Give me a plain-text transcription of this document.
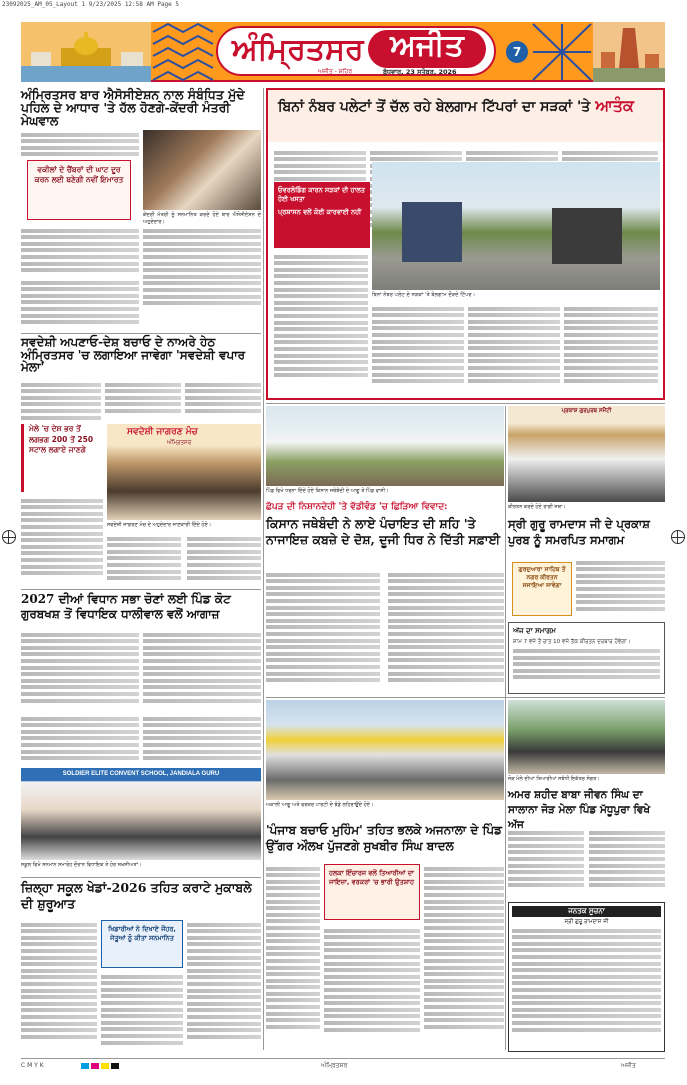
23092025_AM_05_Layout 1 9/23/2025 12:58 AM Page 5
ਅੰਮ੍ਰਿਤਸਰ ਅਜੀਤ
ਅਜੀਤ - ਸ਼ਹਿਰ	ਬੁੱਧਵਾਰ, 23 ਸਤੰਬਰ, 2026
7
ਅੰਮ੍ਰਿਤਸਰ ਬਾਰ ਐਸੋਸੀਏਸ਼ਨ ਨਾਲ ਸੰਬੰਧਿਤ ਮੁੱਦੇ ਪਹਿਲ ਦੇ ਆਧਾਰ 'ਤੇ ਹੱਲ ਹੋਣਗੇ-ਕੇਂਦਰੀ ਮੰਤਰੀ ਮੇਘਵਾਲ
ਵਕੀਲਾਂ ਦੇ ਚੈਂਬਰਾਂ ਦੀ ਘਾਟ ਦੂਰ ਕਰਨ ਲਈ ਬਣੇਗੀ ਨਵੀਂ ਇਮਾਰਤ
ਕੇਂਦਰੀ ਮੰਤਰੀ ਨੂੰ ਸਨਮਾਨਿਤ ਕਰਦੇ ਹੋਏ ਬਾਰ ਐਸੋਸੀਏਸ਼ਨ ਦੇ ਅਹੁਦੇਦਾਰ।
ਬਿਨਾਂ ਨੰਬਰ ਪਲੇਟਾਂ ਤੋਂ ਚੱਲ ਰਹੇ ਬੇਲਗਾਮ ਟਿੱਪਰਾਂ ਦਾ ਸੜਕਾਂ 'ਤੇ ਆਤੰਕ
ਓਵਰਲੋਡਿੰਗ ਕਾਰਨ ਸੜਕਾਂ ਦੀ ਹਾਲਤ ਹੋਈ ਖਸਤਾ
ਪ੍ਰਸ਼ਾਸਨ ਵਲੋਂ ਕੋਈ ਕਾਰਵਾਈ ਨਹੀਂ
ਬਿਨਾਂ ਨੰਬਰ ਪਲੇਟ ਦੇ ਸੜਕਾਂ 'ਤੇ ਬੇਲਗਾਮ ਦੌੜਦੇ ਟਿੱਪਰ।
ਸਵਦੇਸ਼ੀ ਅਪਣਾਓ-ਦੇਸ਼ ਬਚਾਓ ਦੇ ਨਾਅਰੇ ਹੇਠ ਅੰਮ੍ਰਿਤਸਰ 'ਚ ਲਗਾਇਆ ਜਾਵੇਗਾ 'ਸਵਦੇਸ਼ੀ ਵਪਾਰ ਮੇਲਾ'
ਮੇਲੇ 'ਚ ਦੇਸ਼ ਭਰ ਤੋਂ ਲਗਭਗ 200 ਤੋਂ 250 ਸਟਾਲ ਲਗਾਏ ਜਾਣਗੇ
ਸਵਦੇਸ਼ੀ ਜਾਗਰਣ ਮੰਚ
ਅੰਮ੍ਰਿਤਸਰ
ਸਵਦੇਸ਼ੀ ਜਾਗਰਣ ਮੰਚ ਦੇ ਅਹੁਦੇਦਾਰ ਜਾਣਕਾਰੀ ਦਿੰਦੇ ਹੋਏ।
ਪਿੰਡ ਵਿਖੇ ਧਰਨਾ ਦਿੰਦੇ ਹੋਏ ਕਿਸਾਨ ਜਥੇਬੰਦੀ ਦੇ ਆਗੂ ਤੇ ਪਿੰਡ ਵਾਸੀ।
ਛੱਪੜ ਦੀ ਨਿਸ਼ਾਨਦੇਹੀ 'ਤੇ ਵੱਡੀਵੰਡ 'ਚ ਛਿੜਿਆ ਵਿਵਾਦ:
ਕਿਸਾਨ ਜਥੇਬੰਦੀ ਨੇ ਲਾਏ ਪੰਚਾਇਤ ਦੀ ਸ਼ਹਿ 'ਤੇ ਨਾਜਾਇਜ਼ ਕਬਜ਼ੇ ਦੇ ਦੋਸ਼, ਦੂਜੀ ਧਿਰ ਨੇ ਦਿੱਤੀ ਸਫ਼ਾਈ
ਪ੍ਰਕਾਸ਼ ਗੁਰਪੁਰਬ ਸਮੈਂਟੀ
ਕੀਰਤਨ ਕਰਦੇ ਹੋਏ ਰਾਗੀ ਜਥਾ।
ਸ੍ਰੀ ਗੁਰੂ ਰਾਮਦਾਸ ਜੀ ਦੇ ਪ੍ਰਕਾਸ਼ ਪੁਰਬ ਨੂੰ ਸਮਰਪਿਤ ਸਮਾਗਮ
ਗੁਰਦੁਆਰਾ ਸਾਹਿਬ ਤੋਂ ਨਗਰ ਕੀਰਤਨ ਸਜਾਇਆ ਜਾਵੇਗਾ
ਅੱਜ ਦਾ ਸਮਾਗਮ
ਸ਼ਾਮ 7 ਵਜੇ ਤੋਂ ਰਾਤ 10 ਵਜੇ ਤੱਕ ਕੀਰਤਨ ਦਰਬਾਰ ਹੋਵੇਗਾ।
2027 ਦੀਆਂ ਵਿਧਾਨ ਸਭਾ ਚੋਣਾਂ ਲਈ ਪਿੰਡ ਕੋਟ ਗੁਰਬਖਸ਼ ਤੋਂ ਵਿਧਾਇਕ ਧਾਲੀਵਾਲ ਵਲੋਂ ਆਗਾਜ਼
SOLDIER ELITE CONVENT SCHOOL, JANDIALA GURU
ਸਕੂਲ ਵਿਖੇ ਸਨਮਾਨ ਸਮਾਰੋਹ ਦੌਰਾਨ ਵਿਧਾਇਕ ਤੇ ਹੋਰ ਸ਼ਖ਼ਸੀਅਤਾਂ।
ਅਕਾਲੀ ਆਗੂ ਅਤੇ ਵਰਕਰ ਪਾਰਟੀ ਦੇ ਝੰਡੇ ਲਹਿਰਾਉਂਦੇ ਹੋਏ।
'ਪੰਜਾਬ ਬਚਾਓ ਮੁਹਿੰਮ' ਤਹਿਤ ਭਲਕੇ ਅਜਨਾਲਾ ਦੇ ਪਿੰਡ ਉੱਗਰ ਔਲਖ ਪੁੱਜਣਗੇ ਸੁਖਬੀਰ ਸਿੰਘ ਬਾਦਲ
ਹਲਕਾ ਇੰਚਾਰਜ ਵਲੋਂ ਤਿਆਰੀਆਂ ਦਾ ਜਾਇਜ਼ਾ, ਵਰਕਰਾਂ 'ਚ ਭਾਰੀ ਉਤਸ਼ਾਹ
ਜੋੜ ਮੇਲੇ ਦੀਆਂ ਤਿਆਰੀਆਂ ਸਬੰਧੀ ਇਕੱਤਰ ਸੰਗਤ।
ਅਮਰ ਸ਼ਹੀਦ ਬਾਬਾ ਜੀਵਨ ਸਿੰਘ ਦਾ ਸਾਲਾਨਾ ਜੋੜ ਮੇਲਾ ਪਿੰਡ ਮੱਧੂਪੁਰਾ ਵਿਖੇ ਅੱਜ
ਜਨਤਕ ਸੂਚਨਾ
ਸ੍ਰੀ ਗੁਰੂ ਰਾਮਦਾਸ ਜੀ
ਜ਼ਿਲ੍ਹਾ ਸਕੂਲ ਖੇਡਾਂ-2026 ਤਹਿਤ ਕਰਾਟੇ ਮੁਕਾਬਲੇ ਦੀ ਸ਼ੁਰੂਆਤ
ਖਿਡਾਰੀਆਂ ਨੇ ਦਿਖਾਏ ਜੌਹਰ, ਜੇਤੂਆਂ ਨੂੰ ਕੀਤਾ ਸਨਮਾਨਿਤ
C M Y K	ਅੰਮ੍ਰਿਤਸਰ	ਅਜੀਤ
